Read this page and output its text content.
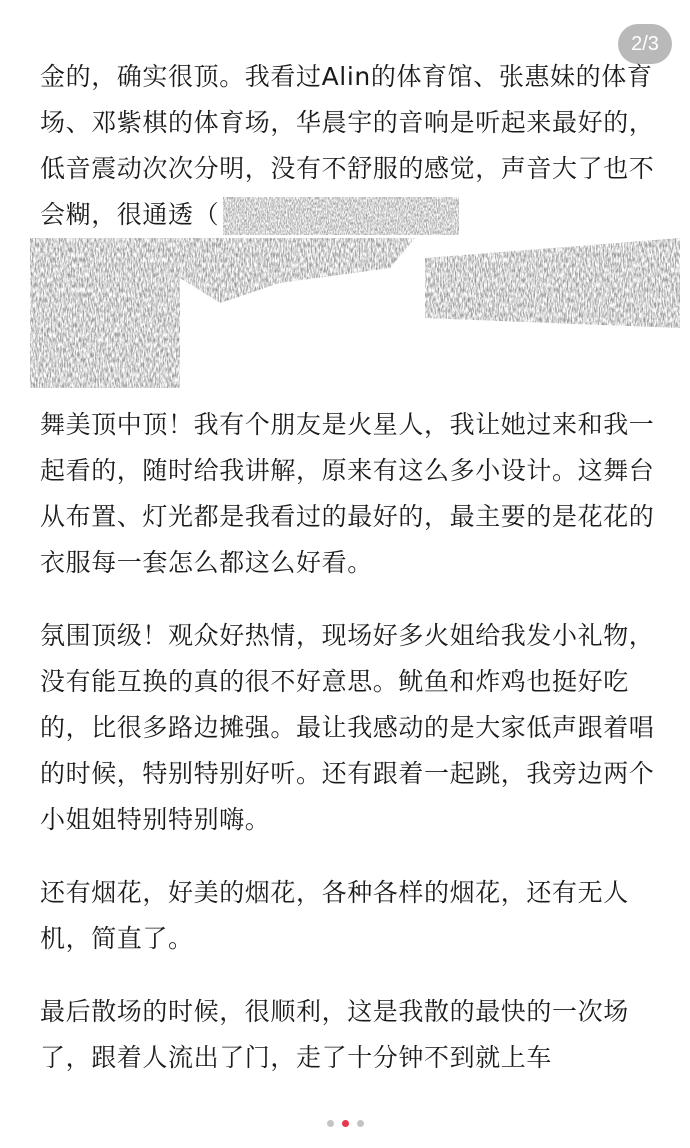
2/3

金的，确实很顶。我看过Alin的体育馆、张惠妹的体育场、邓紫棋的体育场，华晨宇的音响是听起来最好的，低音震动次次分明，没有不舒服的感觉，声音大了也不会糊，很通透（

舞美顶中顶！我有个朋友是火星人，我让她过来和我一起看的，随时给我讲解，原来有这么多小设计。这舞台从布置、灯光都是我看过的最好的，最主要的是花花的衣服每一套怎么都这么好看。

氛围顶级！观众好热情，现场好多火姐给我发小礼物，没有能互换的真的很不好意思。鱿鱼和炸鸡也挺好吃的，比很多路边摊强。最让我感动的是大家低声跟着唱的时候，特别特别好听。还有跟着一起跳，我旁边两个小姐姐特别特别嗨。

还有烟花，好美的烟花，各种各样的烟花，还有无人机，简直了。

最后散场的时候，很顺利，这是我散的最快的一次场了，跟着人流出了门，走了十分钟不到就上车
